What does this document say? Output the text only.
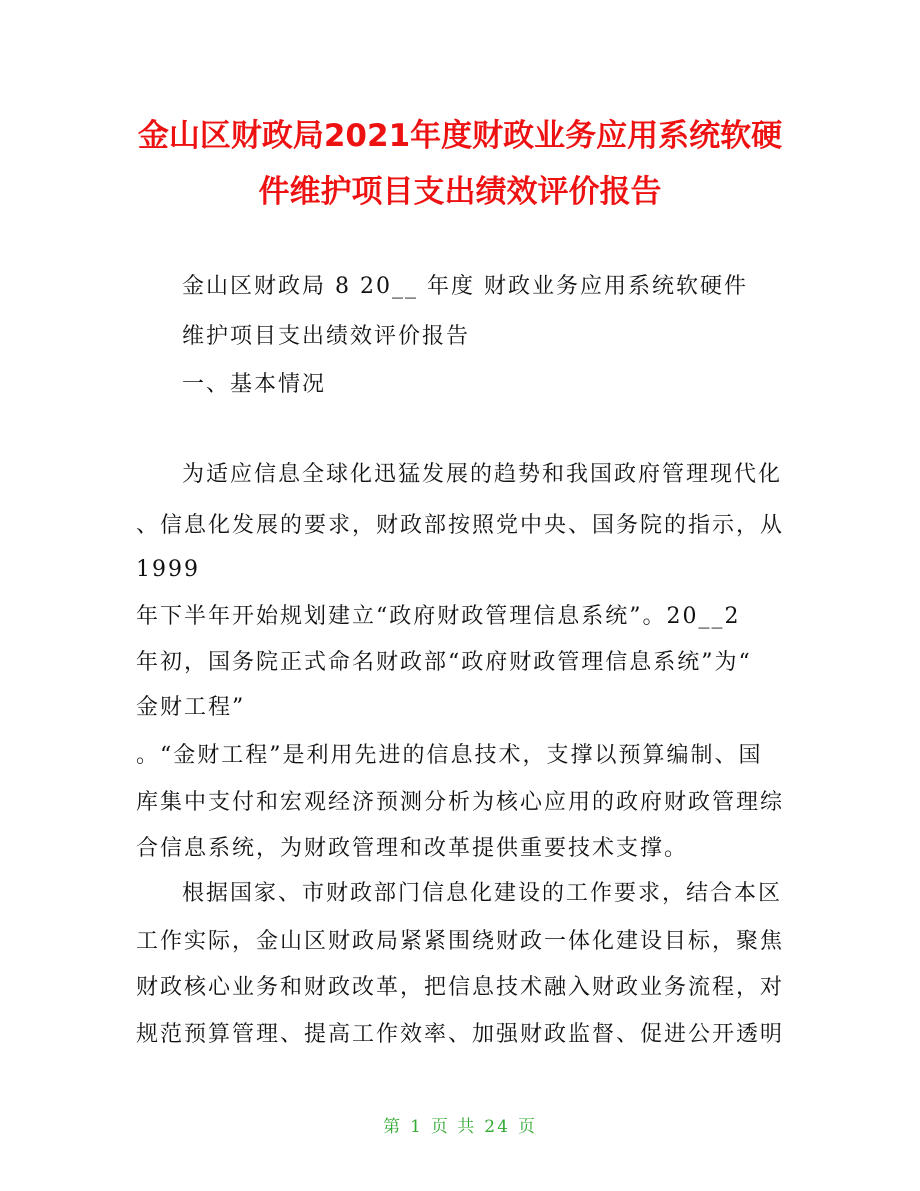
金山区财政局2021年度财政业务应用系统软硬
件维护项目支出绩效评价报告
金山区财政局 8 20__ 年度 财政业务应用系统软硬件
维护项目支出绩效评价报告
一、基本情况
为适应信息全球化迅猛发展的趋势和我国政府管理现代化
、信息化发展的要求，财政部按照党中央、国务院的指示，从
1999
年下半年开始规划建立“政府财政管理信息系统”。20__2
年初，国务院正式命名财政部“政府财政管理信息系统”为“
金财工程”
。“金财工程”是利用先进的信息技术，支撑以预算编制、国
库集中支付和宏观经济预测分析为核心应用的政府财政管理综
合信息系统，为财政管理和改革提供重要技术支撑。
根据国家、市财政部门信息化建设的工作要求，结合本区
工作实际，金山区财政局紧紧围绕财政一体化建设目标，聚焦
财政核心业务和财政改革，把信息技术融入财政业务流程，对
规范预算管理、提高工作效率、加强财政监督、促进公开透明
第 1 页 共 24 页
